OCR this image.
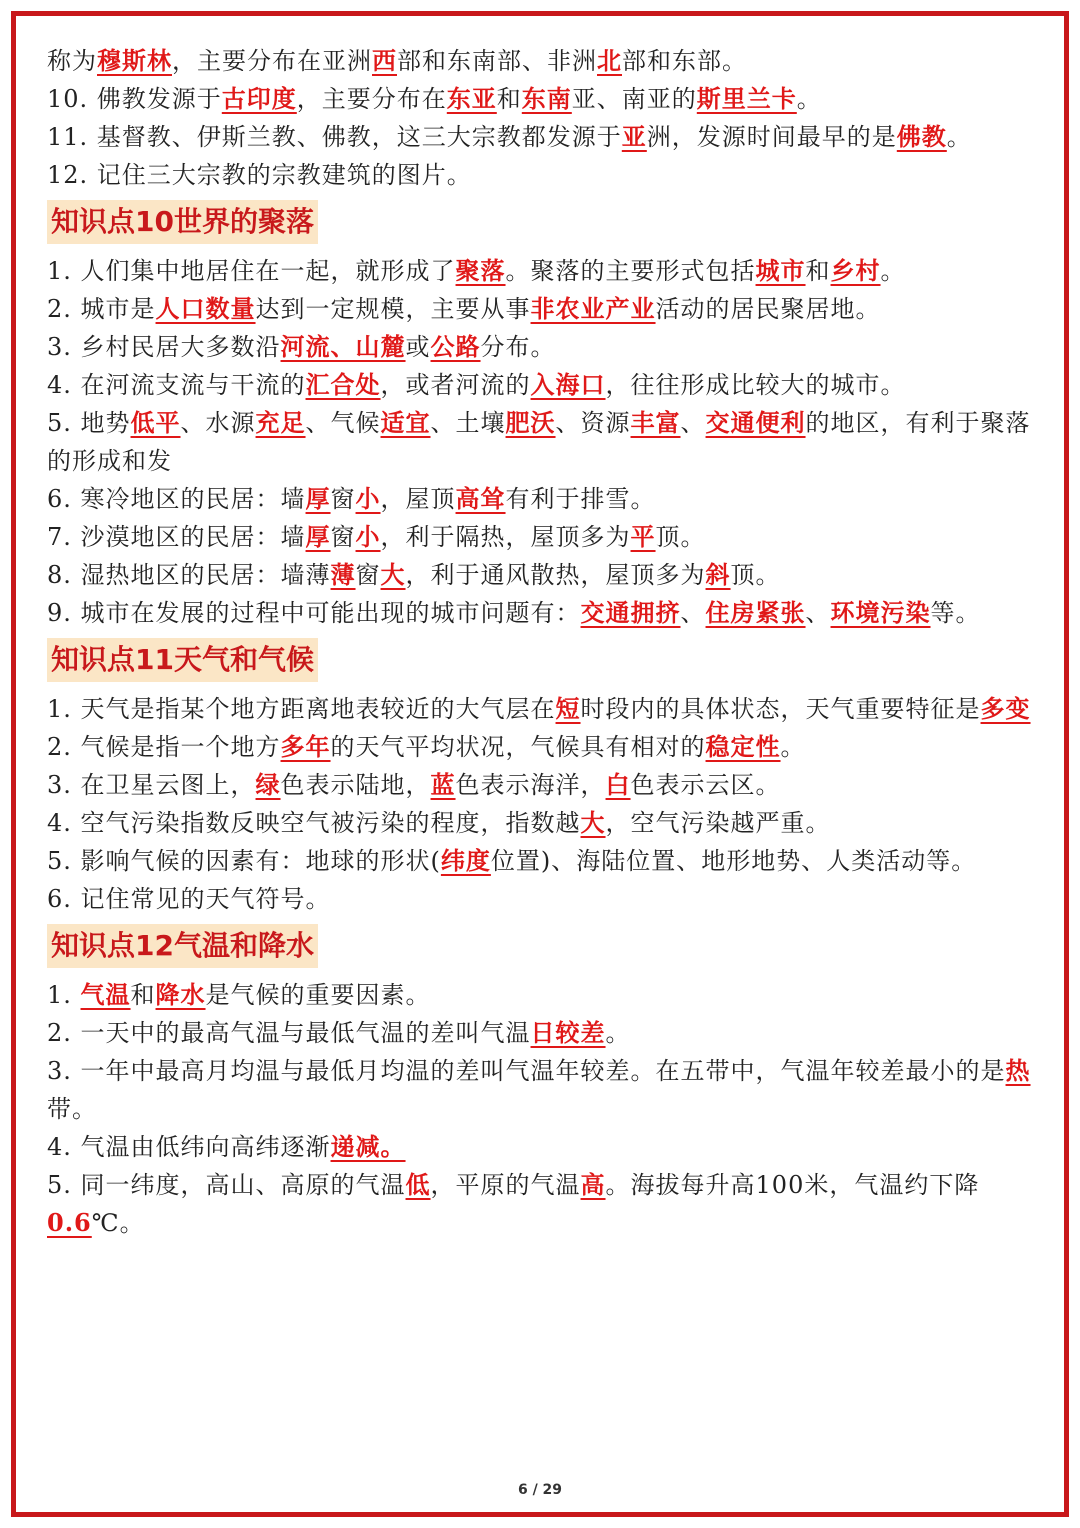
称为穆斯林，主要分布在亚洲西部和东南部、非洲北部和东部。

10. 佛教发源于古印度，主要分布在东亚和东南亚、南亚的斯里兰卡。

11. 基督教、伊斯兰教、佛教，这三大宗教都发源于亚洲，发源时间最早的是佛教。

12. 记住三大宗教的宗教建筑的图片。

知识点10世界的聚落

1. 人们集中地居住在一起，就形成了聚落。聚落的主要形式包括城市和乡村。

2. 城市是人口数量达到一定规模，主要从事非农业产业活动的居民聚居地。

3. 乡村民居大多数沿河流、山麓或公路分布。

4. 在河流支流与干流的汇合处，或者河流的入海口，往往形成比较大的城市。

5. 地势低平、水源充足、气候适宜、土壤肥沃、资源丰富、交通便利的地区，有利于聚落的形成和发

6. 寒冷地区的民居：墙厚窗小，屋顶高耸有利于排雪。

7. 沙漠地区的民居：墙厚窗小，利于隔热，屋顶多为平顶。

8. 湿热地区的民居：墙薄薄窗大，利于通风散热，屋顶多为斜顶。

9. 城市在发展的过程中可能出现的城市问题有：交通拥挤、住房紧张、环境污染等。

知识点11天气和气候

1. 天气是指某个地方距离地表较近的大气层在短时段内的具体状态，天气重要特征是多变

2. 气候是指一个地方多年的天气平均状况，气候具有相对的稳定性。

3. 在卫星云图上，绿色表示陆地，蓝色表示海洋，白色表示云区。

4. 空气污染指数反映空气被污染的程度，指数越大，空气污染越严重。

5. 影响气候的因素有：地球的形状(纬度位置)、海陆位置、地形地势、人类活动等。

6. 记住常见的天气符号。

知识点12气温和降水

1. 气温和降水是气候的重要因素。

2. 一天中的最高气温与最低气温的差叫气温日较差。

3. 一年中最高月均温与最低月均温的差叫气温年较差。在五带中，气温年较差最小的是热带。

4. 气温由低纬向高纬逐渐递减。

5. 同一纬度，高山、高原的气温低，平原的气温高。海拔每升高100米，气温约下降0.6℃。

6 / 29
